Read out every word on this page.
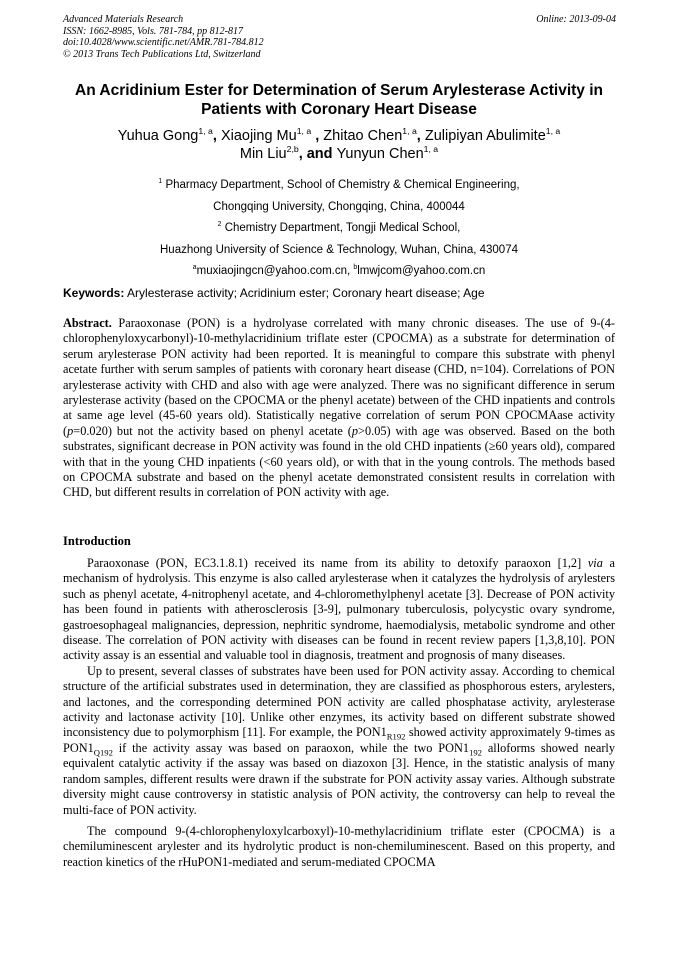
Advanced Materials Research
ISSN: 1662-8985, Vols. 781-784, pp 812-817
doi:10.4028/www.scientific.net/AMR.781-784.812
© 2013 Trans Tech Publications Ltd, Switzerland
Online: 2013-09-04
An Acridinium Ester for Determination of Serum Arylesterase Activity in
Patients with Coronary Heart Disease
Yuhua Gong$^{1, a}$, Xiaojing Mu$^{1, a}$ , Zhitao Chen$^{1, a}$, Zulipiyan Abulimite$^{1, a}$
Min Liu$^{2,b}$, and Yunyun Chen$^{1, a}$
$^1$ Pharmacy Department, School of Chemistry & Chemical Engineering,
Chongqing University, Chongqing, China, 400044
$^2$ Chemistry Department, Tongji Medical School,
Huazhong University of Science & Technology, Wuhan, China, 430074
$^a$muxiaojingcn@yahoo.com.cn, $^b$lmwjcom@yahoo.com.cn
Keywords: Arylesterase activity; Acridinium ester; Coronary heart disease; Age
Abstract. Paraoxonase (PON) is a hydrolyase correlated with many chronic diseases. The use of 9-(4-chlorophenyloxycarbonyl)-10-methylacridinium triflate ester (CPOCMA) as a substrate for determination of serum arylesterase PON activity had been reported. It is meaningful to compare this substrate with phenyl acetate further with serum samples of patients with coronary heart disease (CHD, n=104). Correlations of PON arylesterase activity with CHD and also with age were analyzed. There was no significant difference in serum arylesterase activity (based on the CPOCMA or the phenyl acetate) between of the CHD inpatients and controls at same age level (45-60 years old). Statistically negative correlation of serum PON CPOCMAase activity (p=0.020) but not the activity based on phenyl acetate (p>0.05) with age was observed. Based on the both substrates, significant decrease in PON activity was found in the old CHD inpatients (≥60 years old), compared with that in the young CHD inpatients (<60 years old), or with that in the young controls. The methods based on CPOCMA substrate and based on the phenyl acetate demonstrated consistent results in correlation with CHD, but different results in correlation of PON activity with age.
Introduction

Paraoxonase (PON, EC3.1.8.1) received its name from its ability to detoxify paraoxon [1,2] via a mechanism of hydrolysis. This enzyme is also called arylesterase when it catalyzes the hydrolysis of arylesters such as phenyl acetate, 4-nitrophenyl acetate, and 4-chloromethylphenyl acetate [3]. Decrease of PON activity has been found in patients with atherosclerosis [3-9], pulmonary tuberculosis, polycystic ovary syndrome, gastroesophageal malignancies, depression, nephritic syndrome, haemodialysis, metabolic syndrome and other disease. The correlation of PON activity with diseases can be found in recent review papers [1,3,8,10]. PON activity assay is an essential and valuable tool in diagnosis, treatment and prognosis of many diseases.

Up to present, several classes of substrates have been used for PON activity assay. According to chemical structure of the artificial substrates used in determination, they are classified as phosphorous esters, arylesters, and lactones, and the corresponding determined PON activity are called phosphatase activity, arylesterase activity and lactonase activity [10]. Unlike other enzymes, its activity based on different substrate showed inconsistency due to polymorphism [11]. For example, the $PON1_{R192}$ showed activity approximately 9-times as $PON1_{Q192}$ if the activity assay was based on paraoxon, while the two $PON1_{192}$ alloforms showed nearly equivalent catalytic activity if the assay was based on diazoxon [3]. Hence, in the statistic analysis of many random samples, different results were drawn if the substrate for PON activity assay varies. Although substrate diversity might cause controversy in statistic analysis of PON activity, the controversy can help to reveal the multi-face of PON activity.

The compound 9-(4-chlorophenyloxylcarboxyl)-10-methylacridinium triflate ester (CPOCMA) is a chemiluminescent arylester and its hydrolytic product is non-chemiluminescent. Based on this property, and reaction kinetics of the rHuPON1-mediated and serum-mediated CPOCMA
